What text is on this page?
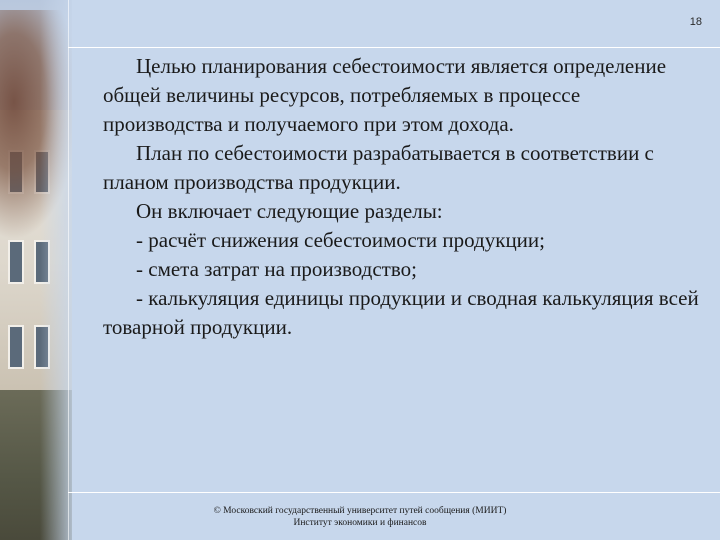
18

Целью планирования себестоимости является определение общей величины ресурсов, потребляемых в процессе производства и получаемого при этом дохода.

План по себестоимости разрабатывается в соответствии с планом производства продукции.

Он включает следующие разделы:

- расчёт снижения себестоимости продукции;

- смета затрат на производство;

- калькуляция единицы продукции и сводная калькуляция всей товарной продукции.

© Московский государственный университет путей сообщения (МИИТ)
Институт экономики и финансов
